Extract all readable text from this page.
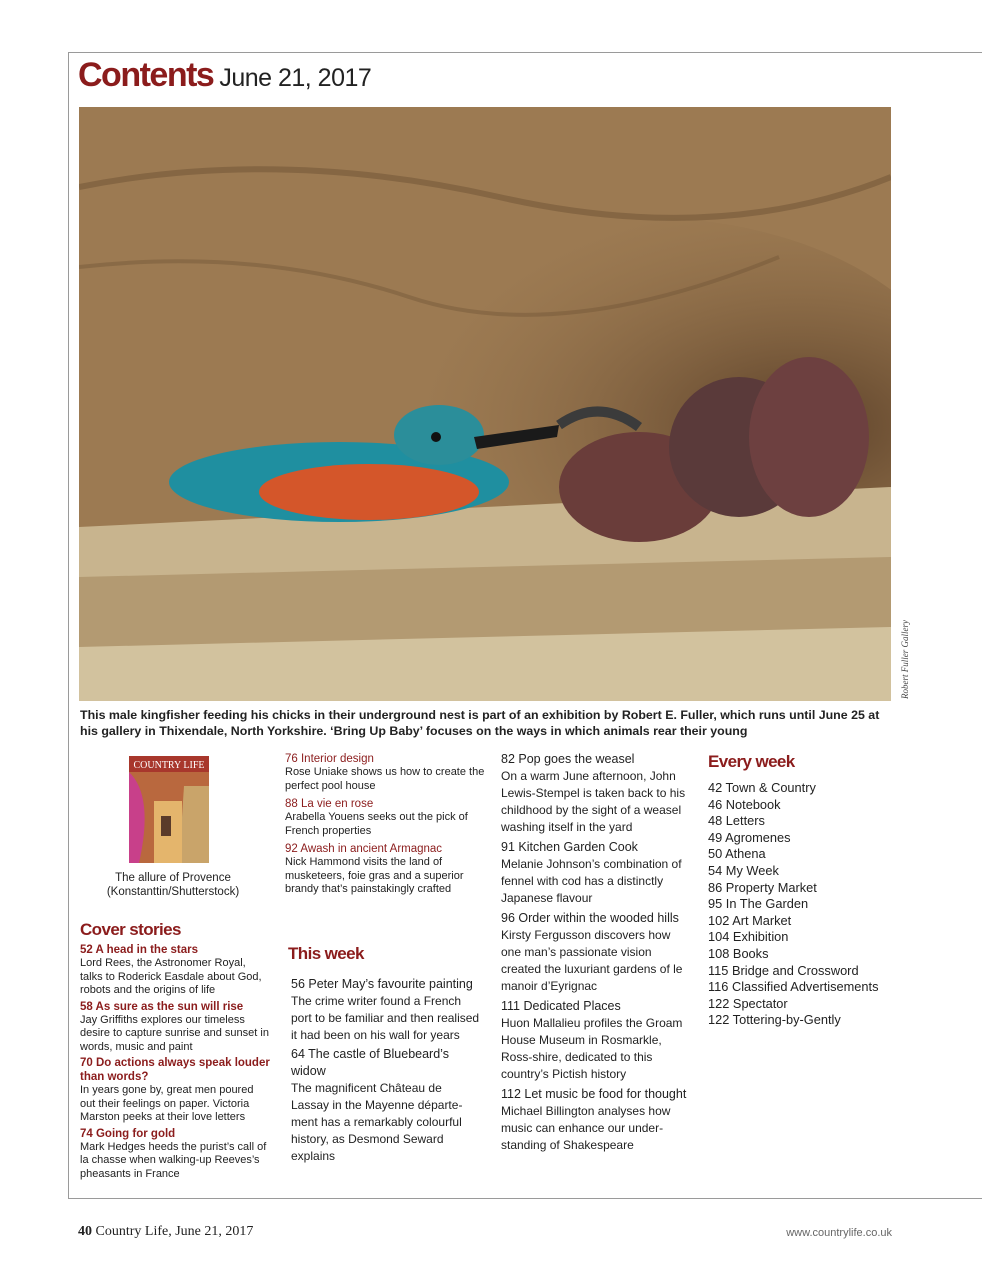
Contents June 21, 2017
Robert Fuller Gallery
This male kingfisher feeding his chicks in their underground nest is part of an exhibition by Robert E. Fuller, which runs until June 25 at his gallery in Thixendale, North Yorkshire. ‘Bring Up Baby’ focuses on the ways in which animals rear their young
COUNTRY LIFE
The allure of Provence
(Konstanttin/Shutterstock)
Cover stories
52 A head in the stars
Lord Rees, the Astronomer Royal, talks to Roderick Easdale about God, robots and the origins of life
58 As sure as the sun will rise
Jay Griffiths explores our timeless desire to capture sunrise and sunset in words, music and paint
70 Do actions always speak louder than words?
In years gone by, great men poured out their feelings on paper. Victoria Marston peeks at their love letters
74 Going for gold
Mark Hedges heeds the purist’s call of la chasse when walking-up Reeves’s pheasants in France
76 Interior design
Rose Uniake shows us how to create the perfect pool house
88 La vie en rose
Arabella Youens seeks out the pick of French properties
92 Awash in ancient Armagnac
Nick Hammond visits the land of musketeers, foie gras and a superior brandy that’s painstakingly crafted
This week
56 Peter May’s favourite painting
The crime writer found a French port to be familiar and then realised it had been on his wall for years
64 The castle of Bluebeard’s widow
The magnificent Château de Lassay in the Mayenne départe-ment has a remarkably colourful history, as Desmond Seward explains
82 Pop goes the weasel
On a warm June afternoon, John Lewis-Stempel is taken back to his childhood by the sight of a weasel washing itself in the yard
91 Kitchen Garden Cook
Melanie Johnson’s combination of fennel with cod has a distinctly Japanese flavour
96 Order within the wooded hills
Kirsty Fergusson discovers how one man’s passionate vision created the luxuriant gardens of le manoir d’Eyrignac
111 Dedicated Places
Huon Mallalieu profiles the Groam House Museum in Rosmarkle, Ross-shire, dedicated to this country’s Pictish history
112 Let music be food for thought
Michael Billington analyses how music can enhance our under-standing of Shakespeare
Every week
42 Town & Country
46 Notebook
48 Letters
49 Agromenes
50 Athena
54 My Week
86 Property Market
95 In The Garden
102 Art Market
104 Exhibition
108 Books
115 Bridge and Crossword
116 Classified Advertisements
122 Spectator
122 Tottering-by-Gently
40 Country Life, June 21, 2017	www.countrylife.co.uk
